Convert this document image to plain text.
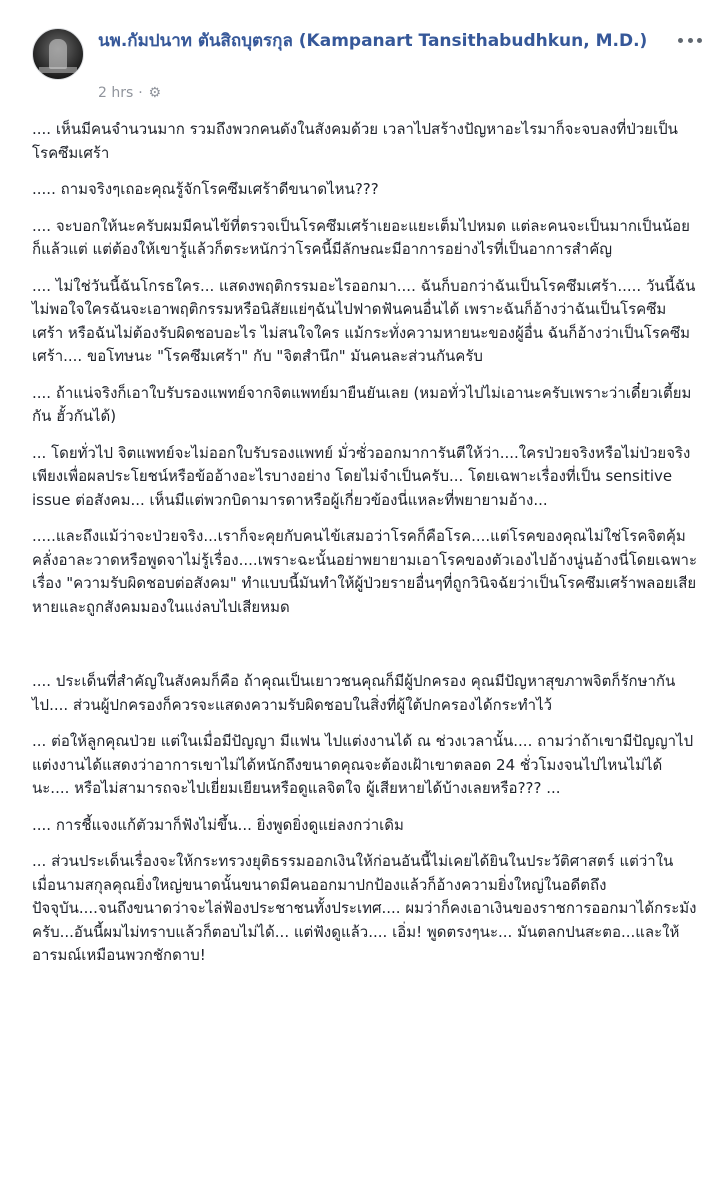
นพ.กัมปนาท ตันสิถบุตรกุล (Kampanart Tansithabudhkun, M.D.)
2 hrs · ⚙

.... เห็นมีคนจำนวนมาก รวมถึงพวกคนดังในสังคมด้วย เวลาไปสร้างปัญหาอะไรมาก็จะจบลงที่ป่วยเป็นโรคซึมเศร้า

..... ถามจริงๆเถอะคุณรู้จักโรคซึมเศร้าดีขนาดไหน???

.... จะบอกให้นะครับผมมีคนไข้ที่ตรวจเป็นโรคซึมเศร้าเยอะแยะเต็มไปหมด แต่ละคนจะเป็นมากเป็นน้อยก็แล้วแต่ แต่ต้องให้เขารู้แล้วก็ตระหนักว่าโรคนี้มีลักษณะมีอาการอย่างไรที่เป็นอาการสำคัญ

.... ไม่ใช่วันนี้ฉันโกรธใคร... แสดงพฤติกรรมอะไรออกมา.... ฉันก็บอกว่าฉันเป็นโรคซึมเศร้า..... วันนี้ฉันไม่พอใจใครฉันจะเอาพฤติกรรมหรือนิสัยแย่ๆฉันไปฟาดฟันคนอื่นได้ เพราะฉันก็อ้างว่าฉันเป็นโรคซึมเศร้า หรือฉันไม่ต้องรับผิดชอบอะไร ไม่สนใจใคร แม้กระทั่งความหายนะของผู้อื่น ฉันก็อ้างว่าเป็นโรคซึมเศร้า.... ขอโทษนะ "โรคซึมเศร้า" กับ "จิตสำนึก" มันคนละส่วนกันครับ

.... ถ้าแน่จริงก็เอาใบรับรองแพทย์จากจิตแพทย์มายืนยันเลย (หมอทั่วไปไม่เอานะครับเพราะว่าเดี๋ยวเตี้ยมกัน ฮั้วกันได้)

... โดยทั่วไป จิตแพทย์จะไม่ออกใบรับรองแพทย์ มั่วซั่วออกมาการันตีให้ว่า....ใครป่วยจริงหรือไม่ป่วยจริง เพียงเพื่อผลประโยชน์หรือข้ออ้างอะไรบางอย่าง โดยไม่จำเป็นครับ... โดยเฉพาะเรื่องที่เป็น sensitive issue ต่อสังคม... เห็นมีแต่พวกบิดามารดาหรือผู้เกี่ยวข้องนี่แหละที่พยายามอ้าง...

.....และถึงแม้ว่าจะป่วยจริง...เราก็จะคุยกับคนไข้เสมอว่าโรคก็คือโรค....แต่โรคของคุณไม่ใช่โรคจิตคุ้มคลั่งอาละวาดหรือพูดจาไม่รู้เรื่อง....เพราะฉะนั้นอย่าพยายามเอาโรคของตัวเองไปอ้างนู่นอ้างนี่โดยเฉพาะเรื่อง "ความรับผิดชอบต่อสังคม" ทำแบบนี้มันทำให้ผู้ป่วยรายอื่นๆที่ถูกวินิจฉัยว่าเป็นโรคซึมเศร้าพลอยเสียหายและถูกสังคมมองในแง่ลบไปเสียหมด

.... ประเด็นที่สำคัญในสังคมก็คือ ถ้าคุณเป็นเยาวชนคุณก็มีผู้ปกครอง คุณมีปัญหาสุขภาพจิตก็รักษากันไป.... ส่วนผู้ปกครองก็ควรจะแสดงความรับผิดชอบในสิ่งที่ผู้ใต้ปกครองได้กระทำไว้

... ต่อให้ลูกคุณป่วย แต่ในเมื่อมีปัญญา มีแฟน ไปแต่งงานได้ ณ ช่วงเวลานั้น.... ถามว่าถ้าเขามีปัญญาไปแต่งงานได้แสดงว่าอาการเขาไม่ได้หนักถึงขนาดคุณจะต้องเฝ้าเขาตลอด 24 ชั่วโมงจนไปไหนไม่ได้นะ.... หรือไม่สามารถจะไปเยี่ยมเยียนหรือดูแลจิตใจ ผู้เสียหายได้บ้างเลยหรือ??? ...

.... การชี้แจงแก้ตัวมาก็ฟังไม่ขึ้น... ยิ่งพูดยิ่งดูแย่ลงกว่าเดิม

... ส่วนประเด็นเรื่องจะให้กระทรวงยุติธรรมออกเงินให้ก่อนอันนี้ไม่เคยได้ยินในประวัติศาสตร์ แต่ว่าในเมื่อนามสกุลคุณยิ่งใหญ่ขนาดนั้นขนาดมีคนออกมาปกป้องแล้วก็อ้างความยิ่งใหญ่ในอดีตถึงปัจจุบัน....จนถึงขนาดว่าจะไล่ฟ้องประชาชนทั้งประเทศ.... ผมว่าก็คงเอาเงินของราชการออกมาได้กระมังครับ...อันนี้ผมไม่ทราบแล้วก็ตอบไม่ได้... แต่ฟังดูแล้ว.... เอิ่ม! พูดตรงๆนะ... มันตลกปนสะตอ...และให้อารมณ์เหมือนพวกชักดาบ!
